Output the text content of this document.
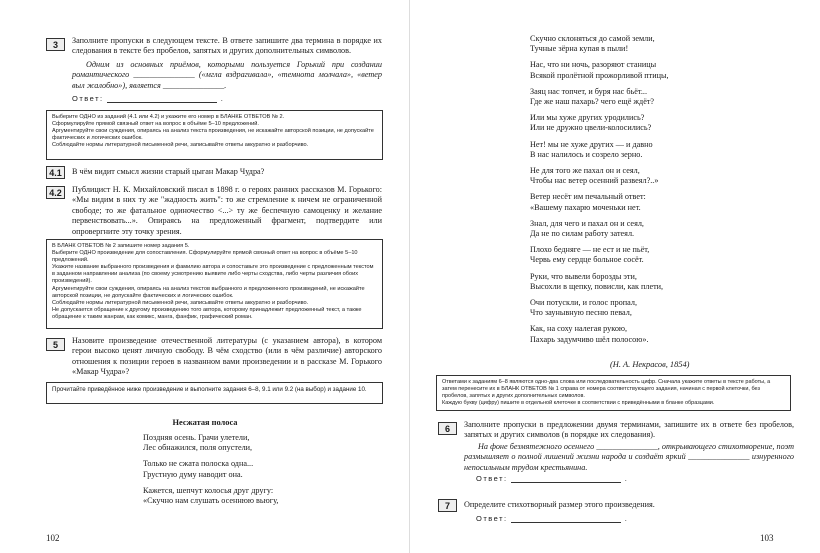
3	Заполните пропуски в следующем тексте. В ответе запишите два термина в порядке их следования в тексте без пробелов, запятых и других дополнительных символов.

Одним из основных приёмов, которыми пользуется Горький при создании романтического _______________ («мгла вздрагивала», «темнота молчала», «ветер выл жалобно»), является _______________.

Ответ:	.

Выберите ОДНО из заданий (4.1 или 4.2) и укажите его номер в БЛАНКЕ ОТВЕТОВ № 2.

Сформулируйте прямой связный ответ на вопрос в объёме 5–10 предложений.

Аргументируйте свои суждения, опираясь на анализ текста произведения, не искажайте авторской позиции, не допускайте фактических и логических ошибок.

Соблюдайте нормы литературной письменной речи, записывайте ответы аккуратно и разборчиво.

4.1	В чём видит смысл жизни старый цыган Макар Чудра?

4.2	Публицист Н. К. Михайловский писал в 1898 г. о героях ранних рассказов М. Горького: «Мы видим в них ту же "жадность жить": то же стремление к ничем не ограниченной свободе; то же фатальное одиночество <...> ту же беспечную самоценку и желание первенствовать...». Опираясь на предложенный фрагмент, подтвердите или опровергните эту точку зрения.

В БЛАНК ОТВЕТОВ № 2 запишите номер задания 5.

Выберите ОДНО произведение для сопоставления. Сформулируйте прямой связный ответ на вопрос в объёме 5–10 предложений.

Укажите название выбранного произведения и фамилию автора и сопоставьте это произведение с предложенным текстом в заданном направлении анализа (по своему усмотрению выявите либо черты сходства, либо черты различия обоих произведений).

Аргументируйте свои суждения, опираясь на анализ текстов выбранного и предложенного произведений, не искажайте авторской позиции, не допускайте фактических и логических ошибок.

Соблюдайте нормы литературной письменной речи, записывайте ответы аккуратно и разборчиво.

Не допускается обращение к другому произведению того автора, которому принадлежит предложенный текст, а также обращение к таким жанрам, как комикс, манга, фанфик, графический роман.

5	Назовите произведение отечественной литературы (с указанием автора), в котором герои высоко ценят личную свободу. В чём сходство (или в чём различие) авторского отношения к позиции героев в названном вами произведении и в рассказе М. Горького «Макар Чудра»?

Прочитайте приведённое ниже произведение и выполните задания 6–8, 9.1 или 9.2 (на выбор) и задание 10.
Несжатая полоса

Поздняя осень. Грачи улетели,
Лес обнажился, поля опустели,

Только не сжата полоска одна...
Грустную думу наводит она.

Кажется, шепчут колосья друг другу:
«Скучно нам слушать осеннюю вьюгу,

102

Скучно склоняться до самой земли,
Тучные зёрна купая в пыли!

Нас, что ни ночь, разоряют станицы
Всякой пролётной прожорливой птицы,

Заяц нас топчет, и буря нас бьёт...
Где же наш пахарь? чего ещё ждёт?

Или мы хуже других уродились?
Или не дружно цвели-колосились?

Нет! мы не хуже других — и давно
В нас налилось и созрело зерно.

Не для того же пахал он и сеял,
Чтобы нас ветер осенний развеял?..»

Ветер несёт им печальный ответ:
«Вашему пахарю моченьки нет.

Знал, для чего и пахал он и сеял,
Да не по силам работу затеял.

Плохо бедняге — не ест и не пьёт,
Червь ему сердце больное сосёт.

Руки, что вывели борозды эти,
Высохли в щепку, повисли, как плети,

Очи потускли, и голос пропал,
Что заунывную песню певал,

Как, на соху налегая рукою,
Пахарь задумчиво шёл полосою».

(Н. А. Некрасов, 1854)

Ответами к заданиям 6–8 являются одно-два слова или последовательность цифр. Сначала укажите ответы в тексте работы, а затем перенесите их в БЛАНК ОТВЕТОВ № 1 справа от номера соответствующего задания, начиная с первой клеточки, без пробелов, запятых и других дополнительных символов.

Каждую букву (цифру) пишите в отдельной клеточке в соответствии с приведёнными в бланке образцами.

6	Заполните пропуски в предложении двумя терминами, запишите их в ответе без пробелов, запятых и других символов (в порядке их следования).

На фоне безмятежного осеннего _______________, открывающего стихотворение, поэт размышляет о полной лишений жизни народа и создаёт яркий _______________ изнуренного непосильным трудом крестьянина.

Ответ:	.
7	Определите стихотворный размер этого произведения.

Ответ:	.
103
